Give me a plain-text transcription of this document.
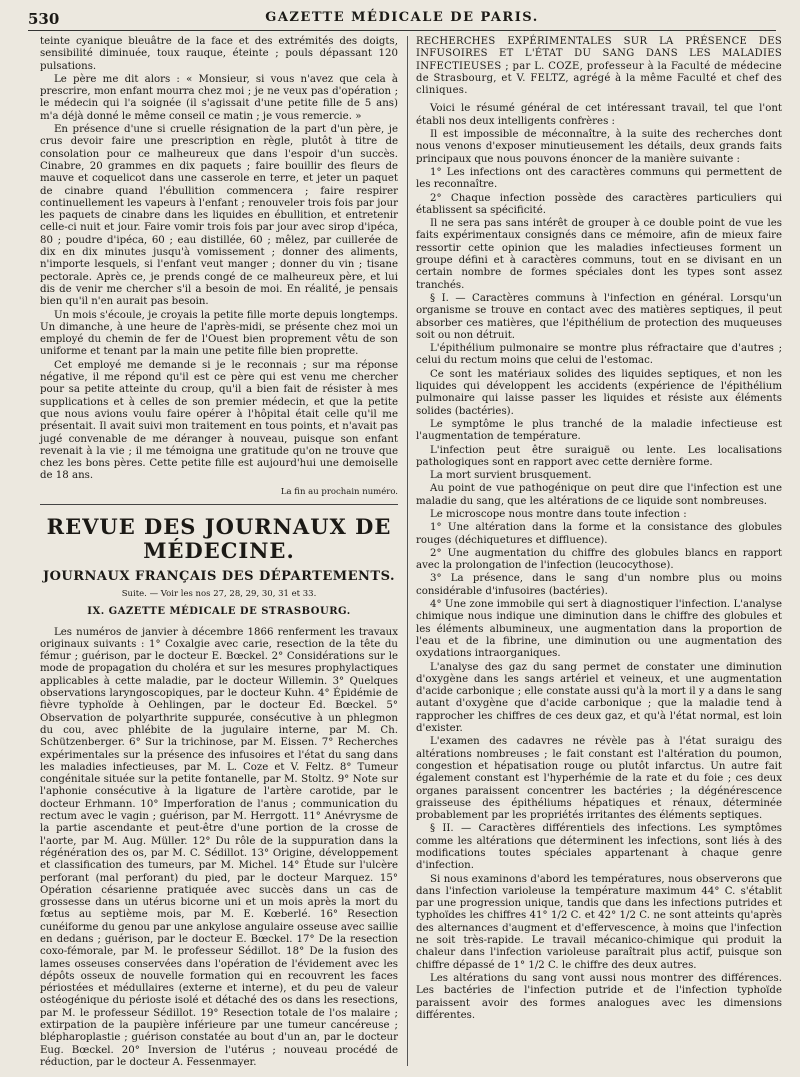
530	GAZETTE MÉDICALE DE PARIS.

teinte cyanique bleuâtre de la face et des extrémités des doigts, sensibilité diminuée, toux rauque, éteinte ; pouls dépassant 120 pulsations.

Le père me dit alors : « Monsieur, si vous n'avez que cela à prescrire, mon enfant mourra chez moi ; je ne veux pas d'opération ; le médecin qui l'a soignée (il s'agissait d'une petite fille de 5 ans) m'a déjà donné le même conseil ce matin ; je vous remercie. »

En présence d'une si cruelle résignation de la part d'un père, je crus devoir faire une prescription en règle, plutôt à titre de consolation pour ce malheureux que dans l'espoir d'un succès. Cinabre, 20 grammes en dix paquets ; faire bouillir des fleurs de mauve et coquelicot dans une casserole en terre, et jeter un paquet de cinabre quand l'ébullition commencera ; faire respirer continuellement les vapeurs à l'enfant ; renouveler trois fois par jour les paquets de cinabre dans les liquides en ébullition, et entretenir celle-ci nuit et jour. Faire vomir trois fois par jour avec sirop d'ipéca, 80 ; poudre d'ipéca, 60 ; eau distillée, 60 ; mêlez, par cuillerée de dix en dix minutes jusqu'à vomissement ; donner des aliments, n'importe lesquels, si l'enfant veut manger ; donner du vin ; tisane pectorale. Après ce, je prends congé de ce malheureux père, et lui dis de venir me chercher s'il a besoin de moi. En réalité, je pensais bien qu'il n'en aurait pas besoin.

Un mois s'écoule, je croyais la petite fille morte depuis longtemps. Un dimanche, à une heure de l'après-midi, se présente chez moi un employé du chemin de fer de l'Ouest bien proprement vêtu de son uniforme et tenant par la main une petite fille bien proprette.

Cet employé me demande si je le reconnais ; sur ma réponse négative, il me répond qu'il est ce père qui est venu me chercher pour sa petite atteinte du croup, qu'il a bien fait de résister à mes supplications et à celles de son premier médecin, et que la petite que nous avions voulu faire opérer à l'hôpital était celle qu'il me présentait. Il avait suivi mon traitement en tous points, et n'avait pas jugé convenable de me déranger à nouveau, puisque son enfant revenait à la vie ; il me témoigna une gratitude qu'on ne trouve que chez les bons pères. Cette petite fille est aujourd'hui une demoiselle de 18 ans.

La fin au prochain numéro.
REVUE DES JOURNAUX DE MÉDECINE.
JOURNAUX FRANÇAIS DES DÉPARTEMENTS.
Suite. — Voir les nos 27, 28, 29, 30, 31 et 33.
IX. GAZETTE MÉDICALE DE STRASBOURG.

Les numéros de janvier à décembre 1866 renferment les travaux originaux suivants : 1° Coxalgie avec carie, resection de la tête du fémur ; guérison, par le docteur E. Bœckel. 2° Considérations sur le mode de propagation du choléra et sur les mesures prophylactiques applicables à cette maladie, par le docteur Willemin. 3° Quelques observations laryngoscopiques, par le docteur Kuhn. 4° Épidémie de fièvre typhoïde à Oehlingen, par le docteur Ed. Bœckel. 5° Observation de polyarthrite suppurée, consécutive à un phlegmon du cou, avec phlébite de la jugulaire interne, par M. Ch. Schützenberger. 6° Sur la trichinose, par M. Eissen. 7° Recherches expérimentales sur la présence des infusoires et l'état du sang dans les maladies infectieuses, par M. L. Coze et V. Feltz. 8° Tumeur congénitale située sur la petite fontanelle, par M. Stoltz. 9° Note sur l'aphonie consécutive à la ligature de l'artère carotide, par le docteur Erhmann. 10° Imperforation de l'anus ; communication du rectum avec le vagin ; guérison, par M. Herrgott. 11° Anévrysme de la partie ascendante et peut-être d'une portion de la crosse de l'aorte, par M. Aug. Müller. 12° Du rôle de la suppuration dans la régénération des os, par M. C. Sédillot. 13° Origine, développement et classification des tumeurs, par M. Michel. 14° Étude sur l'ulcère perforant (mal perforant) du pied, par le docteur Marquez. 15° Opération césarienne pratiquée avec succès dans un cas de grossesse dans un utérus bicorne uni et un mois après la mort du fœtus au septième mois, par M. E. Kœberlé. 16° Resection cunéiforme du genou par une ankylose angulaire osseuse avec saillie en dedans ; guérison, par le docteur E. Bœckel. 17° De la resection coxo-fémorale, par M. le professeur Sédillot. 18° De la fusion des lames osseuses conservées dans l'opération de l'évidement avec les dépôts osseux de nouvelle formation qui en recouvrent les faces périostées et médullaires (externe et interne), et du peu de valeur ostéogénique du périoste isolé et détaché des os dans les resections, par M. le professeur Sédillot. 19° Resection totale de l'os malaire ; extirpation de la paupière inférieure par une tumeur cancéreuse ; blépharoplastie ; guérison constatée au bout d'un an, par le docteur Eug. Bœckel. 20° Inversion de l'utérus ; nouveau procédé de réduction, par le docteur A. Fessenmayer.

RECHERCHES EXPÉRIMENTALES SUR LA PRÉSENCE DES INFUSOIRES ET L'ÉTAT DU SANG DANS LES MALADIES INFECTIEUSES ; par L. COZE, professeur à la Faculté de médecine de Strasbourg, et V. FELTZ, agrégé à la même Faculté et chef des cliniques.

Voici le résumé général de cet intéressant travail, tel que l'ont établi nos deux intelligents confrères :

Il est impossible de méconnaître, à la suite des recherches dont nous venons d'exposer minutieusement les détails, deux grands faits principaux que nous pouvons énoncer de la manière suivante :

1° Les infections ont des caractères communs qui permettent de les reconnaître.

2° Chaque infection possède des caractères particuliers qui établissent sa spécificité.

Il ne sera pas sans intérêt de grouper à ce double point de vue les faits expérimentaux consignés dans ce mémoire, afin de mieux faire ressortir cette opinion que les maladies infectieuses forment un groupe défini et à caractères communs, tout en se divisant en un certain nombre de formes spéciales dont les types sont assez tranchés.

§ I. — Caractères communs à l'infection en général. Lorsqu'un organisme se trouve en contact avec des matières septiques, il peut absorber ces matières, que l'épithélium de protection des muqueuses soit ou non détruit.

L'épithélium pulmonaire se montre plus réfractaire que d'autres ; celui du rectum moins que celui de l'estomac.

Ce sont les matériaux solides des liquides septiques, et non les liquides qui développent les accidents (expérience de l'épithélium pulmonaire qui laisse passer les liquides et résiste aux éléments solides (bactéries).

Le symptôme le plus tranché de la maladie infectieuse est l'augmentation de température.

L'infection peut être suraiguë ou lente. Les localisations pathologiques sont en rapport avec cette dernière forme.

La mort survient brusquement.

Au point de vue pathogénique on peut dire que l'infection est une maladie du sang, que les altérations de ce liquide sont nombreuses.

Le microscope nous montre dans toute infection :

1° Une altération dans la forme et la consistance des globules rouges (déchiquetures et diffluence).

2° Une augmentation du chiffre des globules blancs en rapport avec la prolongation de l'infection (leucocythose).

3° La présence, dans le sang d'un nombre plus ou moins considérable d'infusoires (bactéries).

4° Une zone immobile qui sert à diagnostiquer l'infection. L'analyse chimique nous indique une diminution dans le chiffre des globules et les éléments albumineux, une augmentation dans la proportion de l'eau et de la fibrine, une diminution ou une augmentation des oxydations intraorganiques.

L'analyse des gaz du sang permet de constater une diminution d'oxygène dans les sangs artériel et veineux, et une augmentation d'acide carbonique ; elle constate aussi qu'à la mort il y a dans le sang autant d'oxygène que d'acide carbonique ; que la maladie tend à rapprocher les chiffres de ces deux gaz, et qu'à l'état normal, est loin d'exister.

L'examen des cadavres ne révèle pas à l'état suraigu des altérations nombreuses ; le fait constant est l'altération du poumon, congestion et hépatisation rouge ou plutôt infarctus. Un autre fait également constant est l'hyperhémie de la rate et du foie ; ces deux organes paraissent concentrer les bactéries ; la dégénérescence graisseuse des épithéliums hépatiques et rénaux, déterminée probablement par les propriétés irritantes des éléments septiques.

§ II. — Caractères différentiels des infections. Les symptômes comme les altérations que déterminent les infections, sont liés à des modifications toutes spéciales appartenant à chaque genre d'infection.

Si nous examinons d'abord les températures, nous observerons que dans l'infection varioleuse la température maximum 44° C. s'établit par une progression unique, tandis que dans les infections putrides et typhoïdes les chiffres 41° 1/2 C. et 42° 1/2 C. ne sont atteints qu'après des alternances d'augment et d'effervescence, à moins que l'infection ne soit très-rapide. Le travail mécanico-chimique qui produit la chaleur dans l'infection varioleuse paraîtrait plus actif, puisque son chiffre dépassé de 1° 1/2 C. le chiffre des deux autres.

Les altérations du sang vont aussi nous montrer des différences. Les bactéries de l'infection putride et de l'infection typhoïde paraissent avoir des formes analogues avec les dimensions différentes.
